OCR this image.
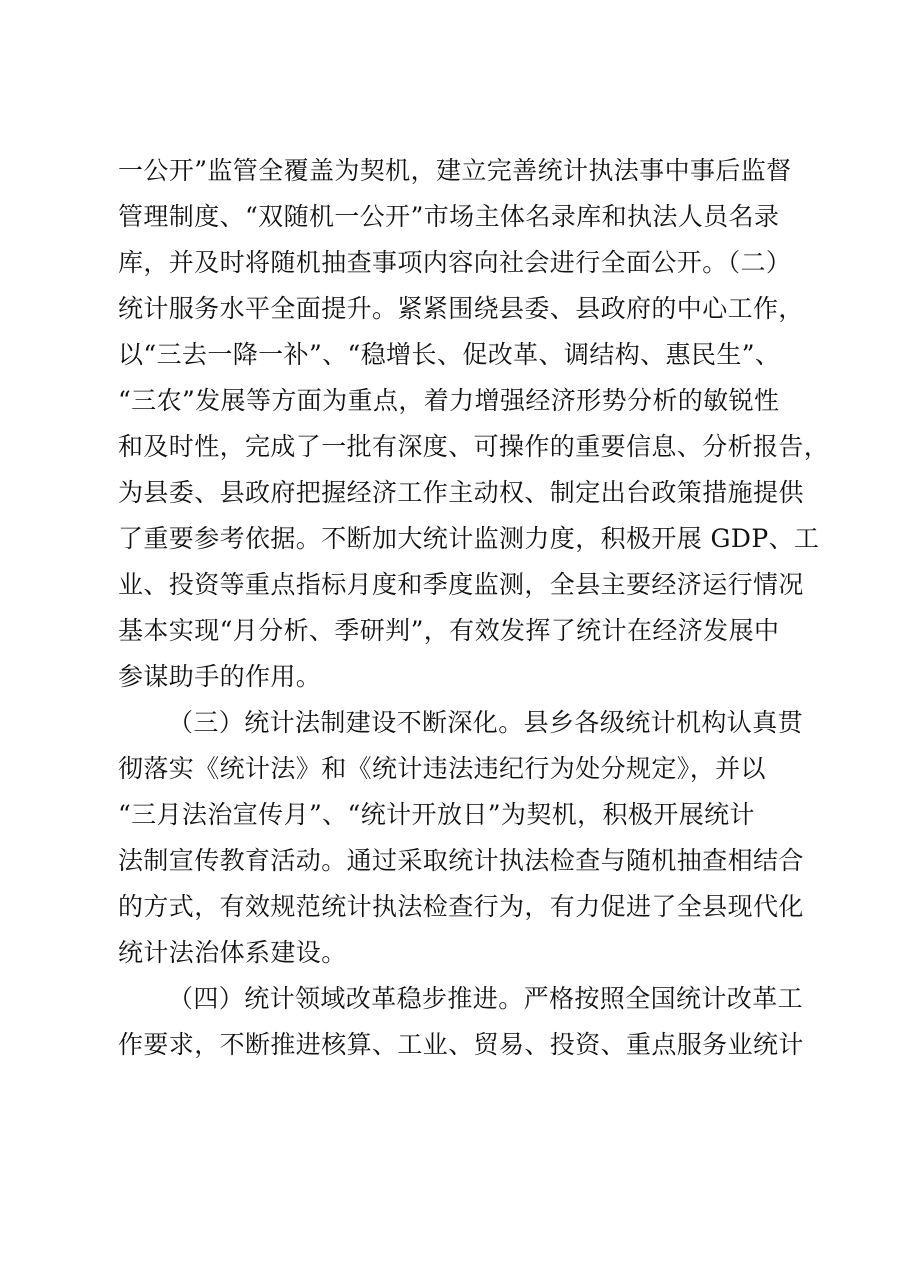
一公开”监管全覆盖为契机，建立完善统计执法事中事后监督
管理制度、“双随机一公开”市场主体名录库和执法人员名录
库，并及时将随机抽查事项内容向社会进行全面公开。（二）
统计服务水平全面提升。紧紧围绕县委、县政府的中心工作，
以“三去一降一补”、“稳增长、促改革、调结构、惠民生”、
“三农”发展等方面为重点，着力增强经济形势分析的敏锐性
和及时性，完成了一批有深度、可操作的重要信息、分析报告，
为县委、县政府把握经济工作主动权、制定出台政策措施提供
了重要参考依据。不断加大统计监测力度，积极开展 GDP、工
业、投资等重点指标月度和季度监测，全县主要经济运行情况
基本实现“月分析、季研判”，有效发挥了统计在经济发展中
参谋助手的作用。
（三）统计法制建设不断深化。县乡各级统计机构认真贯
彻落实《统计法》和《统计违法违纪行为处分规定》，并以
“三月法治宣传月”、“统计开放日”为契机，积极开展统计
法制宣传教育活动。通过采取统计执法检查与随机抽查相结合
的方式，有效规范统计执法检查行为，有力促进了全县现代化
统计法治体系建设。
（四）统计领域改革稳步推进。严格按照全国统计改革工
作要求，不断推进核算、工业、贸易、投资、重点服务业统计
